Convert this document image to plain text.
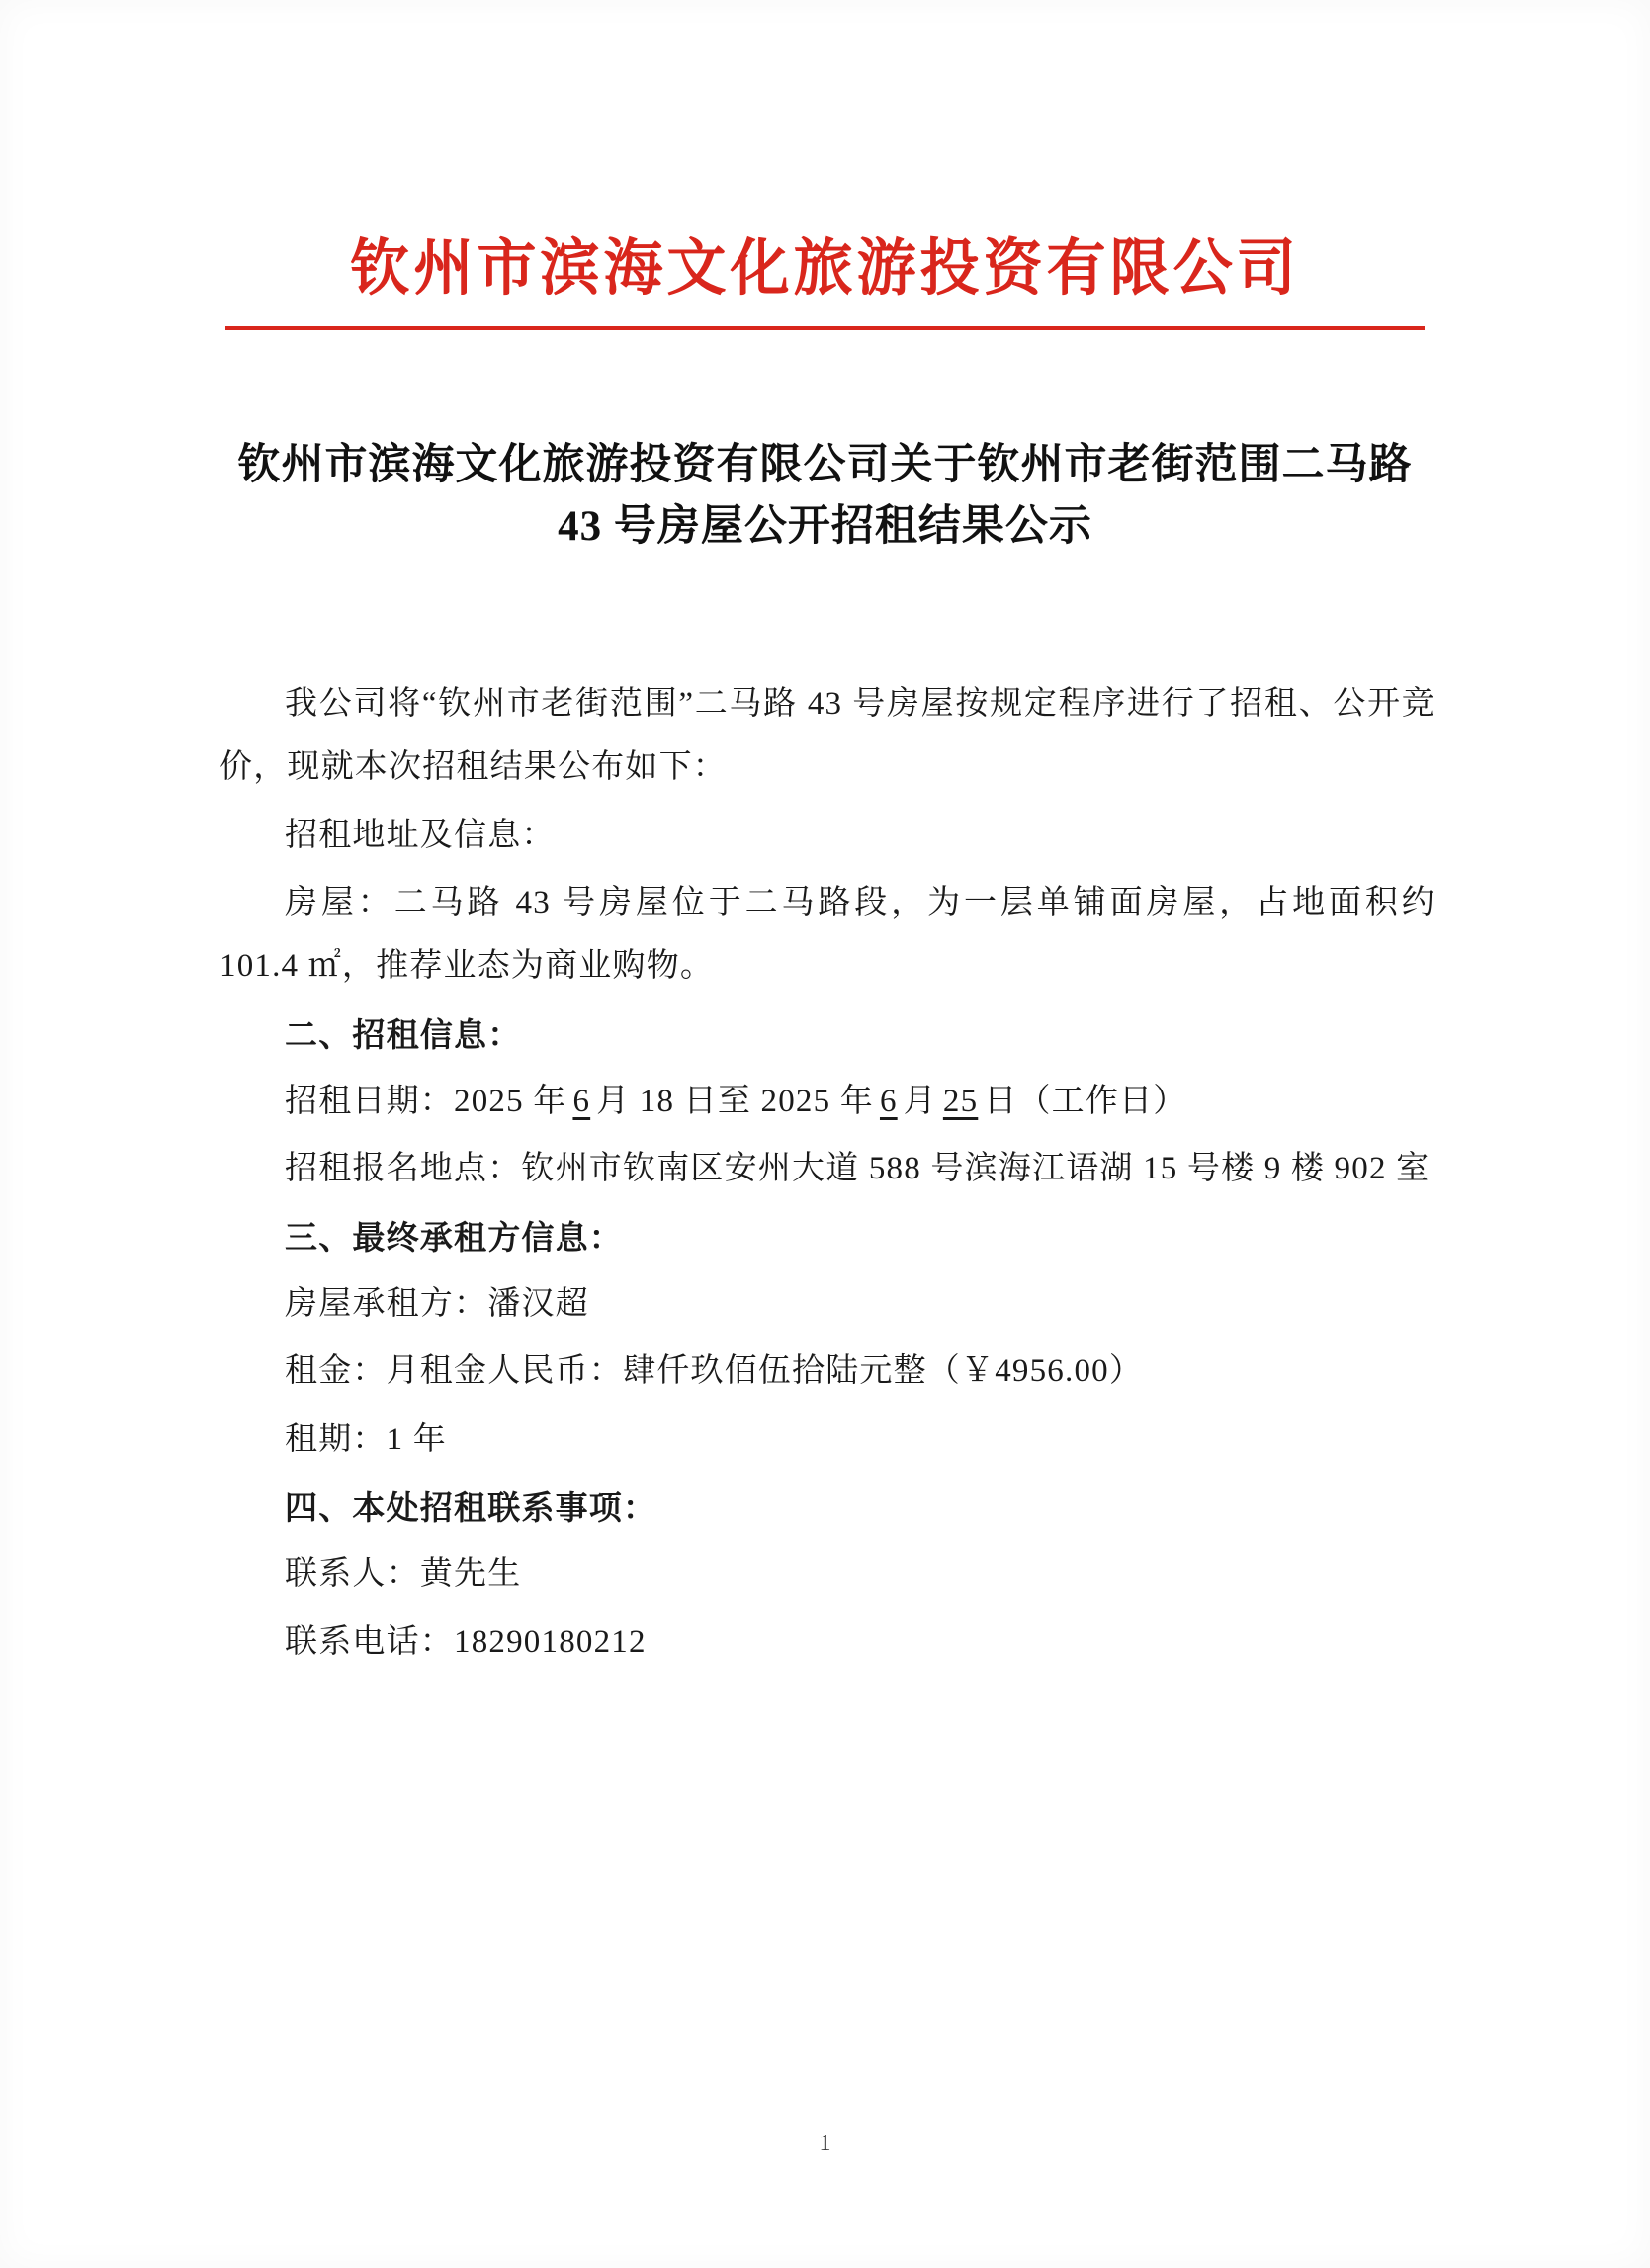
钦州市滨海文化旅游投资有限公司
钦州市滨海文化旅游投资有限公司关于钦州市老街范围二马路 43 号房屋公开招租结果公示

我公司将“钦州市老街范围”二马路 43 号房屋按规定程序进行了招租、公开竞价，现就本次招租结果公布如下：

招租地址及信息：

房屋：二马路 43 号房屋位于二马路段，为一层单铺面房屋，占地面积约 101.4 ㎡，推荐业态为商业购物。

二、招租信息：

招租日期：2025 年 6 月 18 日至 2025 年 6 月 25 日（工作日）

招租报名地点：钦州市钦南区安州大道 588 号滨海江语湖 15 号楼 9 楼 902 室

三、最终承租方信息：

房屋承租方：潘汉超

租金：月租金人民币：肆仟玖佰伍拾陆元整（￥4956.00）

租期：1 年

四、本处招租联系事项：

联系人：黄先生

联系电话：18290180212

1
